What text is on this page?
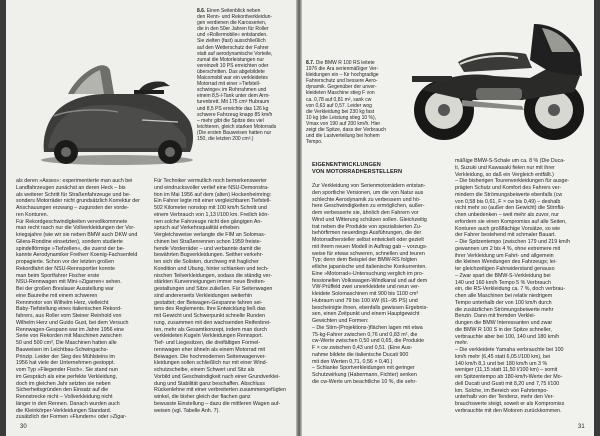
8.6. Einen Seitenblick neben
den Renn- und Rekordverkleidun-
gen verdienen die Karosserien,
die in den 50er Jahren für Roller
und »Rollermobile« entstanden.
Sie zielten (fast) ausschließlich
auf den Wetterschutz der Fahrer
statt auf aerodynamische Vorteile,
zumal die Motorleistungen nur
vereinzelt 10 PS erreichten oder
überschritten. Das abgebildete
Maicomobil war ein verkleidetes
Motorrad mit einer »Tiefstell-
schwinge« im Rohrrahmen und
einem 8,5-l-Tank unter dem Arm-
turenbrett. Mit 175 cm³ Hubraum
und 8,5 PS erreichte das 126 kg
schwere Fahrzeug knapp 85 km/h
– mehr gibt die Spitze des viel
leichteren, gleich starken Motorrads
(Die ersten Bauweisen hatten nur
150, die letzten 200 cm³.)
als deren »Asses«: experimentierte man auch bei
Landfahrzeugen zunächst an deren Heck – bis
als weiterer Schritt für Straßenfahrzeuge und be-
sonders Motorräder nicht grundsätzlich Korrektur der
Anschauungen erzwang – zugunsten der vorde-
ren Konturen.
Für Rekordgeschwindigkeiten vervollkommnete
man recht rasch nur die Vollverkleidungen der Vor-
kriegsjahre (wie wir sie neben BMW auch DKW und
Gilera-Rondine einsetzten), sondern studierte
spindelförmige »Tiefzellen«, die zuerst der be-
kannte Aerodynamiker Freiherr Koenig-Fachsenfeld
propagierte. Schon vor der letzten großen
Rekordfahrt der NSU-Rennsportler konnte
man beim Sportfahrer Fischer erste
NSU-Rennwagen mit Mini-»Zigarren« sehen.
Bei der großen Breslauer Ausstellung war
eine Baureihe mit einem schweren
Rennmotor von Wilhelm Herz, vielleicht
Baby-Tiefstellung eines italienischen Rekord-
fahrers, aus Roller vom Steiner Reinhold von
Wilhelm Herz und Guido Gust, bei dem Versuch
Rennwagen-Gespann war im Jahre 1956 eine
Serie von Rekorden mit Maschinen zwischen
50 und 500 cm³, Die Maschinen hatten alle
Bauweisen im Leichtbau-Schwingachs-
Prinzip. Leider der Sieg des Mühlsteins im
1956 hat viele der Unternehmen gestoppt.
vom Typ »Fliegender Fisch«. Sie stand nun
im Gespräch als eine perfekte Verkleidung,
doch im gleichen Jahr setzten sie neben
Sicherheitsgründen den Einsatz auf die
Rennstrecke nicht – Vollverkleidung nicht
länger in den Rennen. Danach wurden auch
die Kleinkörper-Verkleidungen Standard.
zusätzlich der Formen »Flundern« oder »Zigar-
Für Techniker vermutlich noch bemerkenswerter
und eindrucksvoller verlief eine NSU-Demonstra-
tion im Mai 1956 auf dem (alten) Hockenheimring:
Ein Fahrer legte mit einer vergleichbaren Tiefstell-
502 Kilometer nonstop mit 100 km/h Schnitt und
einem Verbrauch von 1,13 l/100 km. Freilich kön-
nen solche Fahrzeuge nicht den gängigen An-
spruch auf Verkehrsqualität erheben.
Vergleichsweise verlangte die FIM an Solomas-
chinen bei Straßenrennen schon 1959 freiste-
hende Vorderräder – und verbannte damit die
bewährten Bugverkleidungen. Seither verkehr-
ten sich die Solisten, durchweg mit fraglicher
Kondition und Übung, hinter schlanken und tech-
nischen Teilverkleidungen, sodass die ständig ver-
stärkten Kurvenneigungen immer neue Breiten-
gestaltungen und Sitze zuließen. Für Seitenwagen
sind andererseits Verkleidungen weiterhin
gestattet; der Beiwagen-Gespanne fahren sei-
tens des Reglements. Ihre Entwicklung ließ das
mit Gewicht und Schwerpunkt schnelle Runden
rung, zusammen mit den wachsenden Reifenbrei-
ten, mehr als Gesamtkonzept, indem man durch
verkleideten Kugeln Verkleidungen Rennsport.
Tief- und Liegesitzen, die dreifältigen Formel-
rennwagen eher ähneln als einem Motorrad mit
Beiwagen. Die hochmodernen Seitenwagenver-
kleidungen sollen schließlich nur mit einer Wind-
schutzscheibe, einem Schwert und Sitz als
Vorbild und Geschwindigkeit nach einer Grundverklei-
dung und Stabilität ganz beschaffen. Abschluss
Rückenlehne mit einer verbreiterten zusammengefügten
winkel, die bisher gleich der flachen ganz
bewusste Einstellung – dazu die mittleren Wagen auf-
weisen (vgl. Tabelle Anh. 7).
30
8.7. Die BMW R 100 RS leitete
1976 die Ära serienmäßiger Ver-
kleidungen ein – für hochgradige
Fahrerschutz und bessere Aero-
dynamik. Gegenüber der unver-
kleideten Maschine stieg F von
ca. 0,78 auf 0,81 m², sank cw
von 0,63 auf 0,57. Leider wog
die Verkleidung bei 230 kg fast
10 kg (die Leistung stieg 10 %),
Vmax von 190 auf 200 km/h. Hier
zeigt die Spitze, dass der Verbrauch
und die Lastverteilung bei hohem
Tempo.
EIGENENTWICKLUNGEN
VON MOTORRADHERSTELLERN
Zur Verkleidung von Serienmotorrädern entstan-
den sportliche Versionen, um die von Natur aus
schlechte Aerodynamik zu verbessern und hö-
here Geschwindigkeiten zu ermöglichen, außer-
dem verbesserte sie, ähnlich den Fahrern vor
Wind und Witterung schützen sollen. Gleichzeitig
trat neben die Produkte von spezialisierten Zu-
behörfirmen neuerdings Ausführungen, die der
Motorradhersteller selbst entwickelt oder gezielt
mit ihrem neuen Modell in Auftrag gab – vorzugs-
weise für etwas schweren, schnellen und teuren
Typ; denn dem Beispiel der BMW-RS folgten
etliche japanische und italienische Konkurrenten.
Eine »Motorrad«-Untersuchung verglich im pro-
fessionellen Volkswagen-Windkanal und auf dem
VW-Prüffeld zwei unverkleidete und neun ver-
kleidete Solomaschinen mit 900 bis 1100 cm³
Hubraum und 79 bis 100 kW (61–95 PS) und
bescheinigte ihnen, ebenfalls gewissen Ergebnis-
sen, einen Zeitpunkt und einem Hauptgewicht
Gewichten und Formen:
– Die Stirn-(Projektions-)flächen lagen mit etwa
75-kg-Fahrer zwischen 0,76 und 0,83 m², die
cw-Werte zwischen 0,50 und 0,65, die Produkte
F × cw zwischen 0,43 und 0,51. (Eine Aus-
nahme bildete die italienische Ducati 900
mit den Werten 0,71, 0,56 × 0,40.)
– Schlanke Sportverkleidungen mit geringer
Schutzwirkung (Habermann, Fichter) senken
die cw-Werte um beachtliche 10 %, die sehr-
mäßige BMW-S-Schale um ca. 8 % (Die Duca-
ti, Suzuki und Kawasaki fielen nur mit ihrer
Verkleidung, so daß ein Vergleich entfällt.)
– Die bisherigen Tourenverkleidungen für ausge-
prägten Schutz und Komfort des Fahrers ver-
mindern die Strömungsbeiwerte ebenfalls (cw
von 0,58 bis 0,61, F × cw bis 0,49) – deshalb
nicht mehr so (außer den Gewicht) die Stirnflä-
chen unbedenken – weit mehr als zuvor, nur
erfordern sie einen Kompromiss auf alle Seiten,
Konturen auch großflächige Vorsätze, so wie
der Fahrer bestehend mit schmaler Bauart.
– Die Spitzentempo (zwischen 179 und 219 km/h
gewannen um 2 bis 4 %, ohne extremere mit
ihrer Verkleidung um Fahrt- und allgemein
die kleinen Wendungen des Fahrzeugs; lei-
ter gleichzeitigen Fahrwiderstand genauso
– Zwar spart die BMW-S-Verkleidung bei
140 und 160 km/h Tempo 5 % Verbrauch
ein, die RS-Verkleidung ca. 7 %, doch verbrau-
chen alle Maschinen bei relativ niedrigem
Tempo unterhalb der von 100 km/h durch
die zusätzlichen Strömungsbeiwerte mehr
Benzin. Dann mit fremden Verklei-
dungen die BMW Interessanten und zwar
die BMW R 100 S in der Spitze schneller,
verbrauchte aber bei 100, 140 und 180 km/h
mehr.
– Die verkleidete Yamaha verbrauchte bei 100
km/h mehr (6,45 statt 6,05 l/100 km), bei
140 km/h 8,1 und bei 180 km/h um 3 %
weniger (11,15 statt 11,50 l/100 km) – somit
ein Spitzentempo ab 180-km/h-Werte der Mo-
dell Ducati und Gusti mit 8,20 und 7,75 l/100
km. Solche, im Bereich von Fahrtempo-
unterhalb von der Tendenz, mehr den Ver-
brauchswerte steigt, soweit er als Kompromiss
verbrauchte mit den Motoren zurückkommen.
31
